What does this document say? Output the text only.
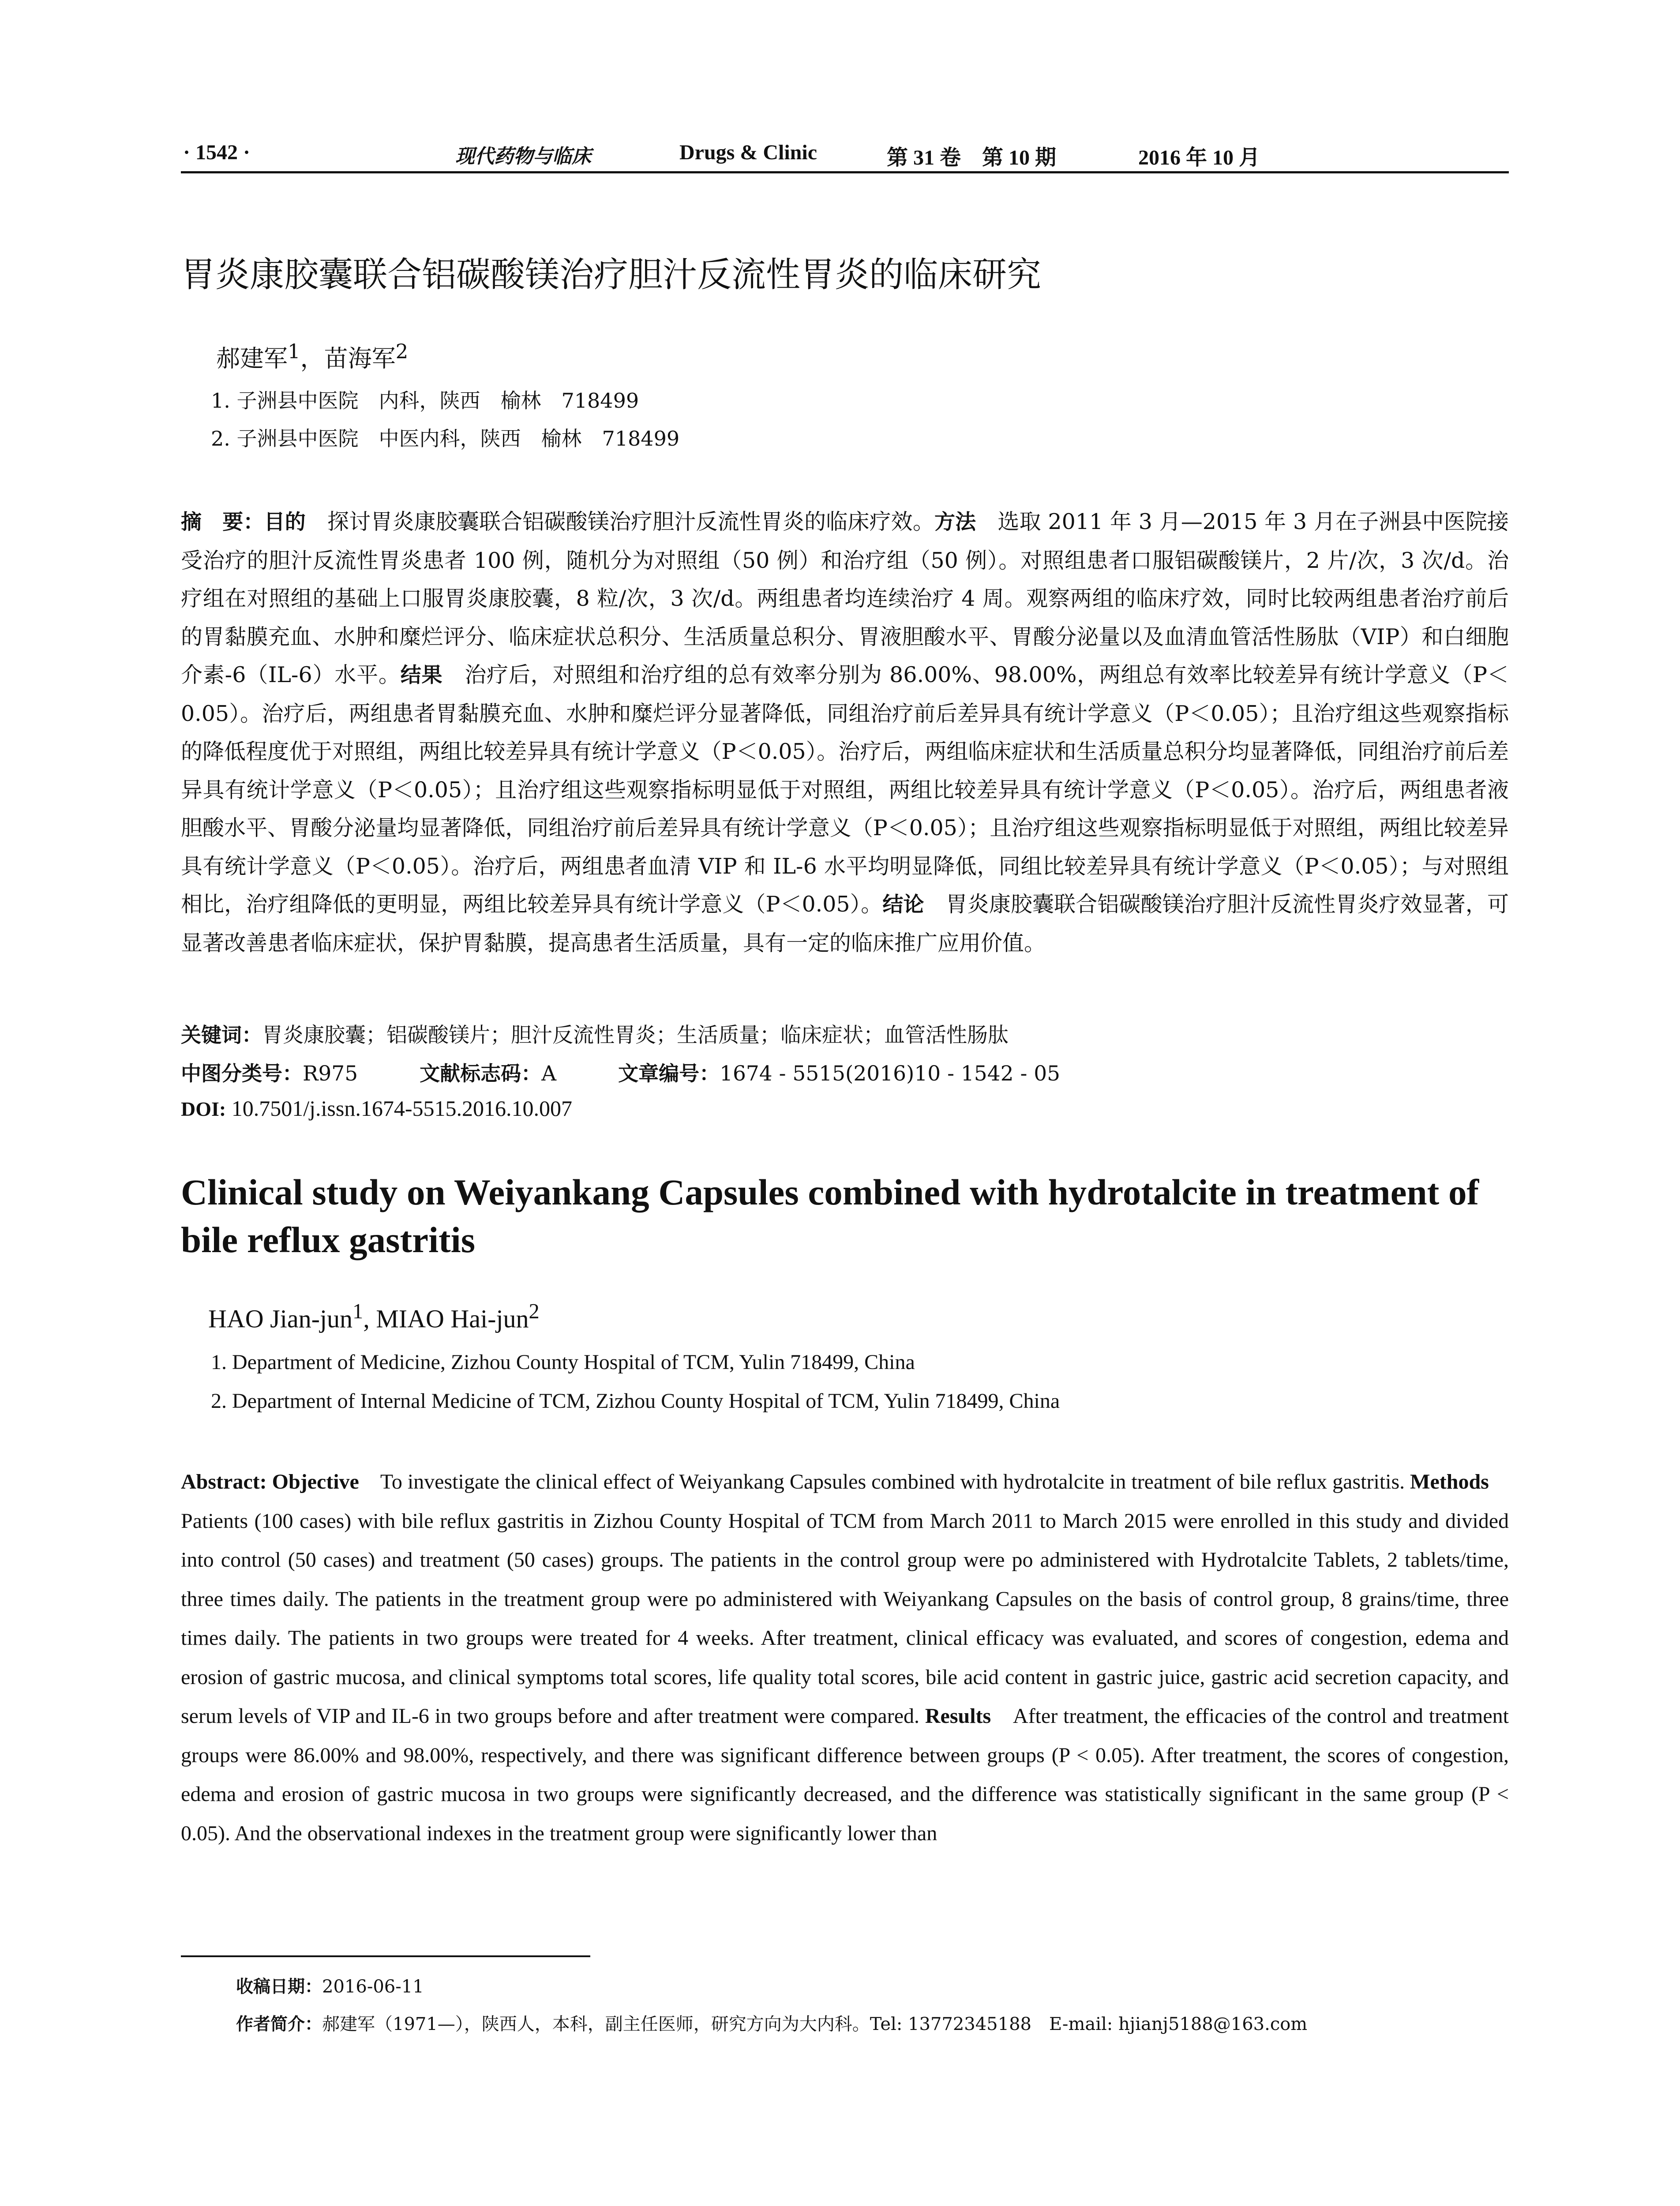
· 1542 ·	现代药物与临床	Drugs & Clinic	第 31 卷　第 10 期	2016 年 10 月
胃炎康胶囊联合铝碳酸镁治疗胆汁反流性胃炎的临床研究
郝建军$^1$，苗海军$^2$
1. 子洲县中医院　内科，陕西　榆林　718499
2. 子洲县中医院　中医内科，陕西　榆林　718499
摘　要：目的　探讨胃炎康胶囊联合铝碳酸镁治疗胆汁反流性胃炎的临床疗效。方法　选取 2011 年 3 月—2015 年 3 月在子洲县中医院接受治疗的胆汁反流性胃炎患者 100 例，随机分为对照组（50 例）和治疗组（50 例）。对照组患者口服铝碳酸镁片，2 片/次，3 次/d。治疗组在对照组的基础上口服胃炎康胶囊，8 粒/次，3 次/d。两组患者均连续治疗 4 周。观察两组的临床疗效，同时比较两组患者治疗前后的胃黏膜充血、水肿和糜烂评分、临床症状总积分、生活质量总积分、胃液胆酸水平、胃酸分泌量以及血清血管活性肠肽（VIP）和白细胞介素-6（IL-6）水平。结果　治疗后，对照组和治疗组的总有效率分别为 86.00%、98.00%，两组总有效率比较差异有统计学意义（P＜0.05）。治疗后，两组患者胃黏膜充血、水肿和糜烂评分显著降低，同组治疗前后差异具有统计学意义（P＜0.05）；且治疗组这些观察指标的降低程度优于对照组，两组比较差异具有统计学意义（P＜0.05）。治疗后，两组临床症状和生活质量总积分均显著降低，同组治疗前后差异具有统计学意义（P＜0.05）；且治疗组这些观察指标明显低于对照组，两组比较差异具有统计学意义（P＜0.05）。治疗后，两组患者液胆酸水平、胃酸分泌量均显著降低，同组治疗前后差异具有统计学意义（P＜0.05）；且治疗组这些观察指标明显低于对照组，两组比较差异具有统计学意义（P＜0.05）。治疗后，两组患者血清 VIP 和 IL-6 水平均明显降低，同组比较差异具有统计学意义（P＜0.05）；与对照组相比，治疗组降低的更明显，两组比较差异具有统计学意义（P＜0.05）。结论　胃炎康胶囊联合铝碳酸镁治疗胆汁反流性胃炎疗效显著，可显著改善患者临床症状，保护胃黏膜，提高患者生活质量，具有一定的临床推广应用价值。
关键词：胃炎康胶囊；铝碳酸镁片；胆汁反流性胃炎；生活质量；临床症状；血管活性肠肽
中图分类号：R975	文献标志码：A	文章编号：1674 - 5515(2016)10 - 1542 - 05
DOI: 10.7501/j.issn.1674-5515.2016.10.007
Clinical study on Weiyankang Capsules combined with hydrotalcite in treatment of bile reflux gastritis
HAO Jian-jun$^1$, MIAO Hai-jun$^2$
1. Department of Medicine, Zizhou County Hospital of TCM, Yulin 718499, China
2. Department of Internal Medicine of TCM, Zizhou County Hospital of TCM, Yulin 718499, China
Abstract: Objective　To investigate the clinical effect of Weiyankang Capsules combined with hydrotalcite in treatment of bile reflux gastritis. Methods　Patients (100 cases) with bile reflux gastritis in Zizhou County Hospital of TCM from March 2011 to March 2015 were enrolled in this study and divided into control (50 cases) and treatment (50 cases) groups. The patients in the control group were po administered with Hydrotalcite Tablets, 2 tablets/time, three times daily. The patients in the treatment group were po administered with Weiyankang Capsules on the basis of control group, 8 grains/time, three times daily. The patients in two groups were treated for 4 weeks. After treatment, clinical efficacy was evaluated, and scores of congestion, edema and erosion of gastric mucosa, and clinical symptoms total scores, life quality total scores, bile acid content in gastric juice, gastric acid secretion capacity, and serum levels of VIP and IL-6 in two groups before and after treatment were compared. Results　After treatment, the efficacies of the control and treatment groups were 86.00% and 98.00%, respectively, and there was significant difference between groups (P < 0.05). After treatment, the scores of congestion, edema and erosion of gastric mucosa in two groups were significantly decreased, and the difference was statistically significant in the same group (P < 0.05). And the observational indexes in the treatment group were significantly lower than
收稿日期：2016-06-11
作者简介：郝建军（1971—），陕西人，本科，副主任医师，研究方向为大内科。Tel: 13772345188　E-mail: hjianj5188@163.com
